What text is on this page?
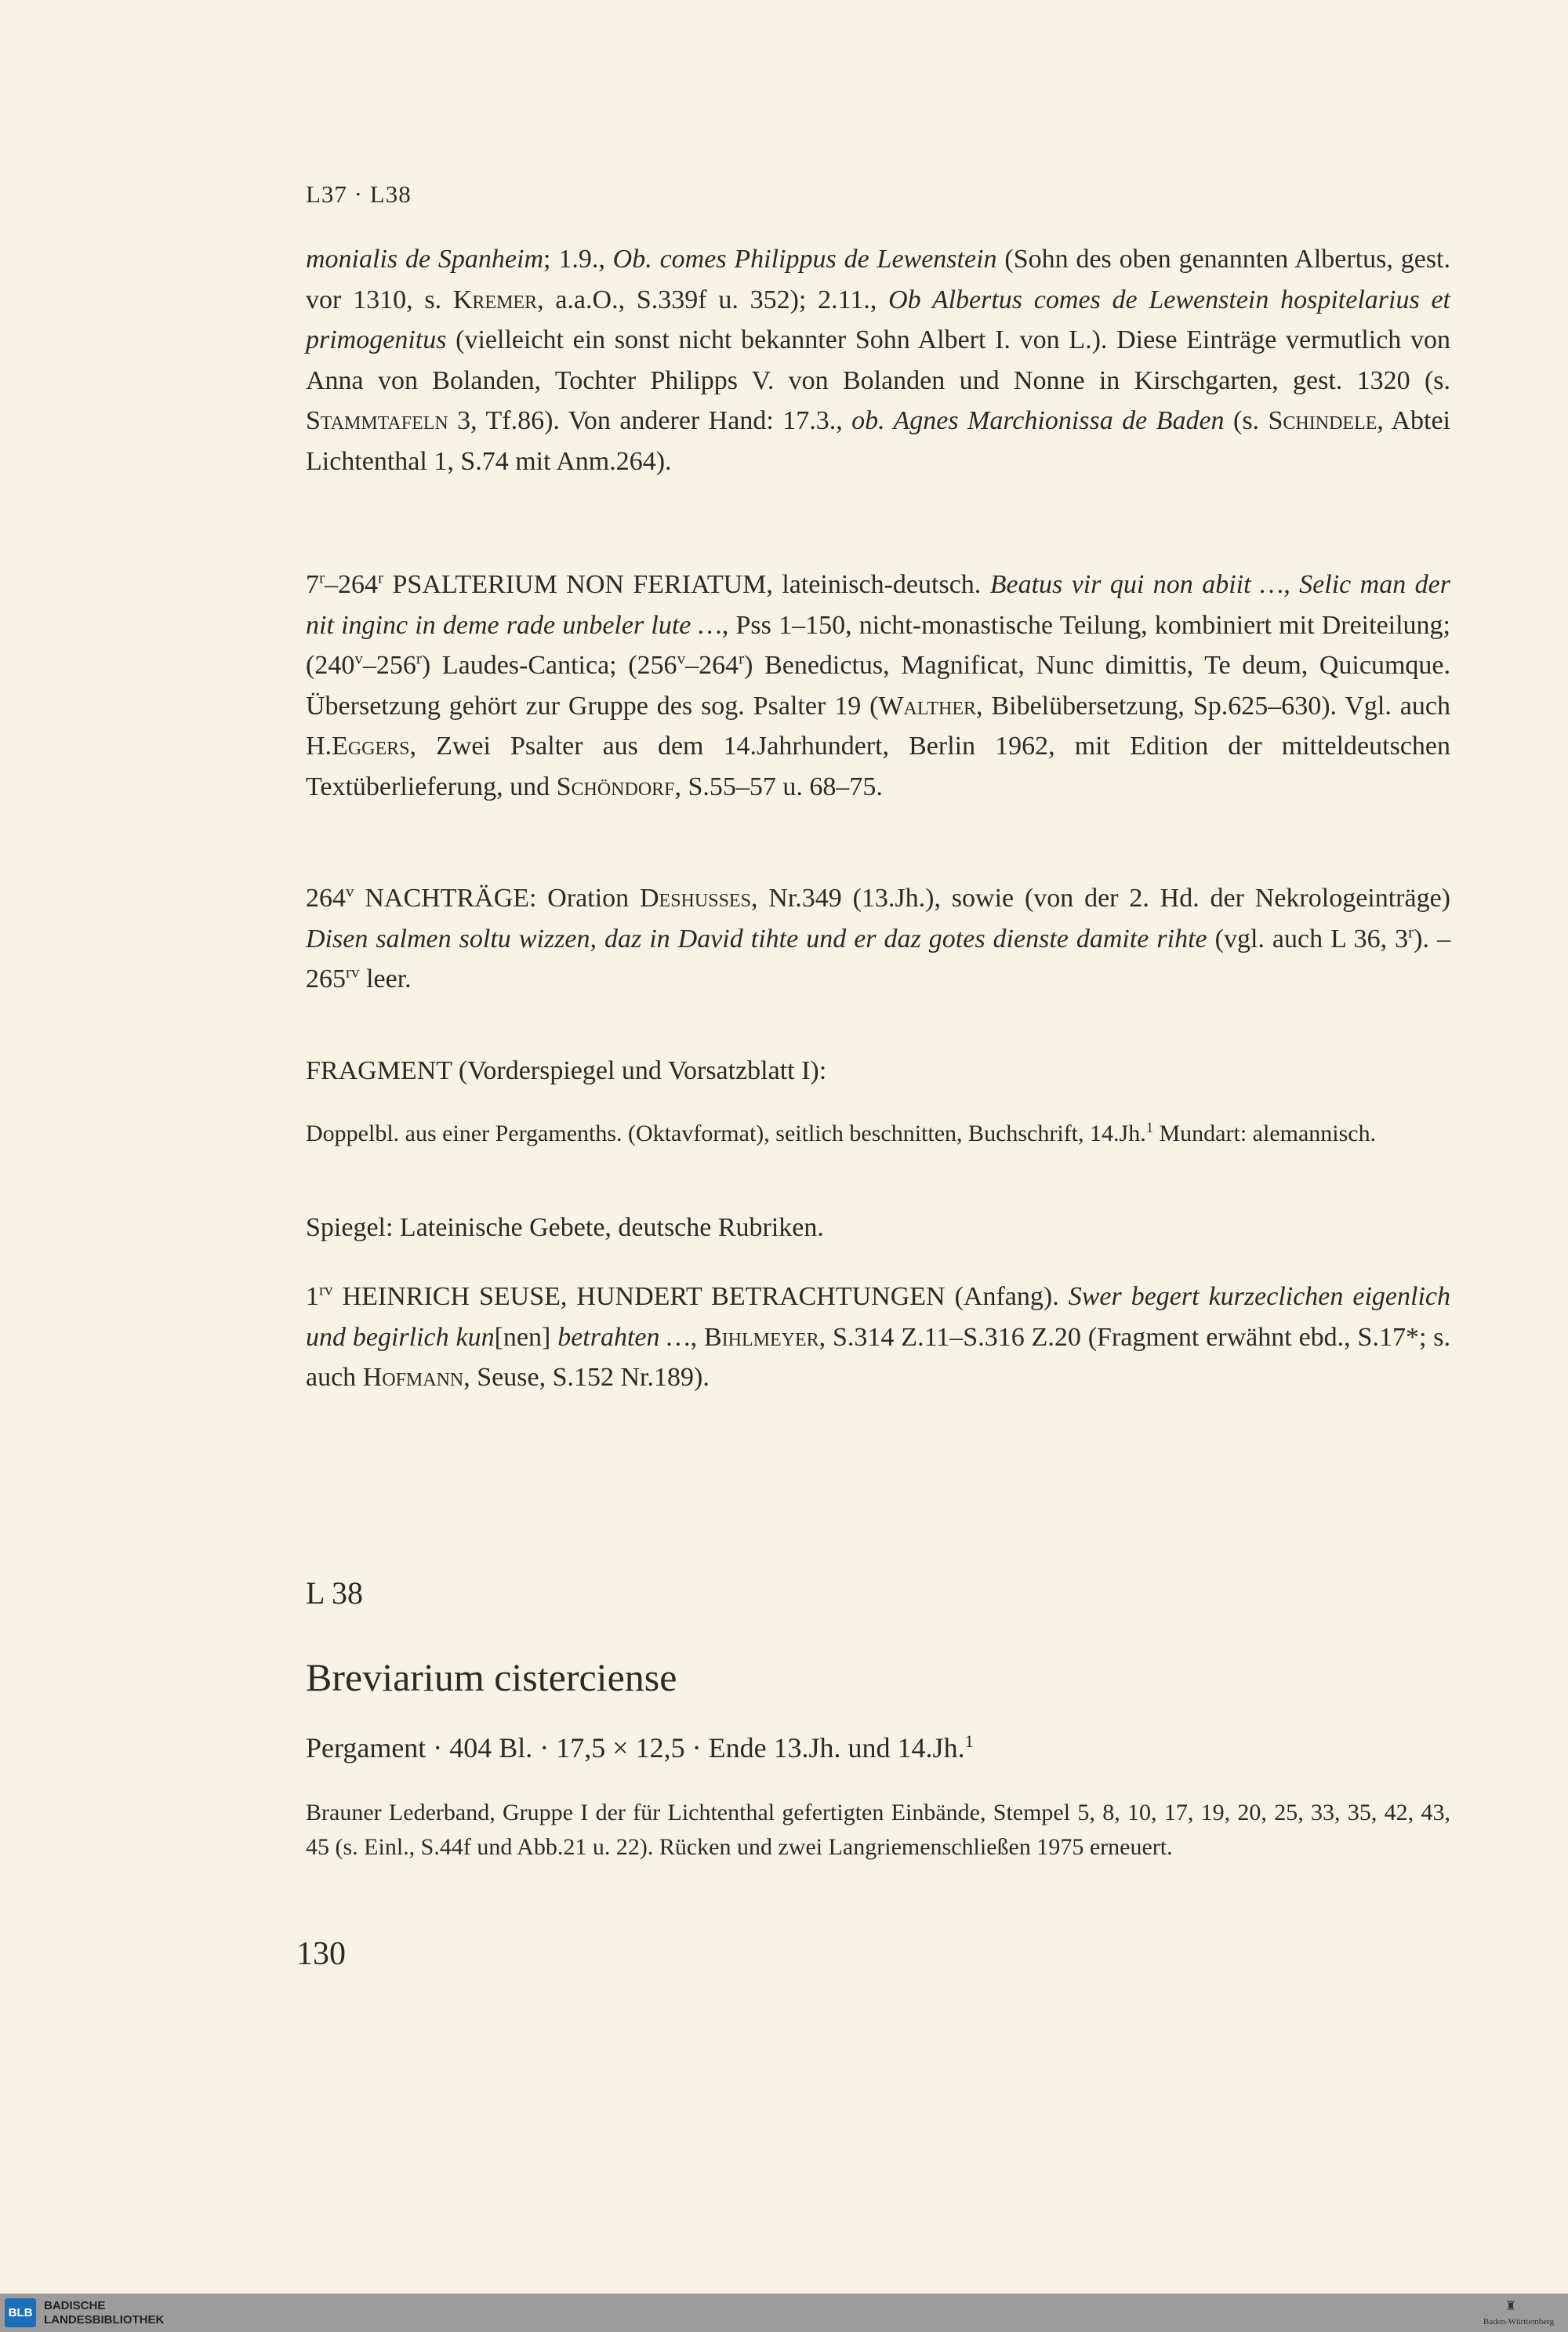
L37 · L38

monialis de Spanheim; 1.9., Ob. comes Philippus de Lewenstein (Sohn des oben genannten Albertus, gest. vor 1310, s. Kremer, a.a.O., S.339f u. 352); 2.11., Ob Albertus comes de Lewenstein hospitelarius et primogenitus (vielleicht ein sonst nicht bekannter Sohn Albert I. von L.). Diese Einträge vermutlich von Anna von Bolanden, Tochter Philipps V. von Bolanden und Nonne in Kirschgarten, gest. 1320 (s. Stammtafeln 3, Tf.86). Von anderer Hand: 17.3., ob. Agnes Marchionissa de Baden (s. Schindele, Abtei Lichtenthal 1, S.74 mit Anm.264).

7$^r$–264$^r$ PSALTERIUM NON FERIATUM, lateinisch-deutsch. Beatus vir qui non abiit …, Selic man der nit inginc in deme rade unbeler lute …, Pss 1–150, nicht-monastische Teilung, kombiniert mit Dreiteilung; (240$^v$–256$^r$) Laudes-Cantica; (256$^v$–264$^r$) Benedictus, Magnificat, Nunc dimittis, Te deum, Quicumque. Übersetzung gehört zur Gruppe des sog. Psalter 19 (Walther, Bibelübersetzung, Sp.625–630). Vgl. auch H.Eggers, Zwei Psalter aus dem 14.Jahrhundert, Berlin 1962, mit Edition der mitteldeutschen Textüberlieferung, und Schöndorf, S.55–57 u. 68–75.

264$^v$ NACHTRÄGE: Oration Deshusses, Nr.349 (13.Jh.), sowie (von der 2. Hd. der Nekrologeinträge) Disen salmen soltu wizzen, daz in David tihte und er daz gotes dienste damite rihte (vgl. auch L 36, 3$^r$). – $265^{rv}$ leer.

FRAGMENT (Vorderspiegel und Vorsatzblatt I):

Doppelbl. aus einer Pergamenths. (Oktavformat), seitlich beschnitten, Buchschrift, 14.Jh.$^1$ Mundart: alemannisch.

Spiegel: Lateinische Gebete, deutsche Rubriken.

$1^{rv}$ HEINRICH SEUSE, HUNDERT BETRACHTUNGEN (Anfang). Swer begert kurzeclichen eigenlich und begirlich kun[nen] betrahten …, Bihlmeyer, S.314 Z.11–S.316 Z.20 (Fragment erwähnt ebd., S.17*; s. auch Hofmann, Seuse, S.152 Nr.189).

L 38
Breviarium cisterciense

Pergament · 404 Bl. · 17,5 × 12,5 · Ende 13.Jh. und 14.Jh.$^1$

Brauner Lederband, Gruppe I der für Lichtenthal gefertigten Einbände, Stempel 5, 8, 10, 17, 19, 20, 25, 33, 35, 42, 43, 45 (s. Einl., S.44f und Abb.21 u. 22). Rücken und zwei Langriemenschließen 1975 erneuert.

130
BLB
BADISCHE
LANDESBIBLIOTHEK
♜
Baden-Württemberg
